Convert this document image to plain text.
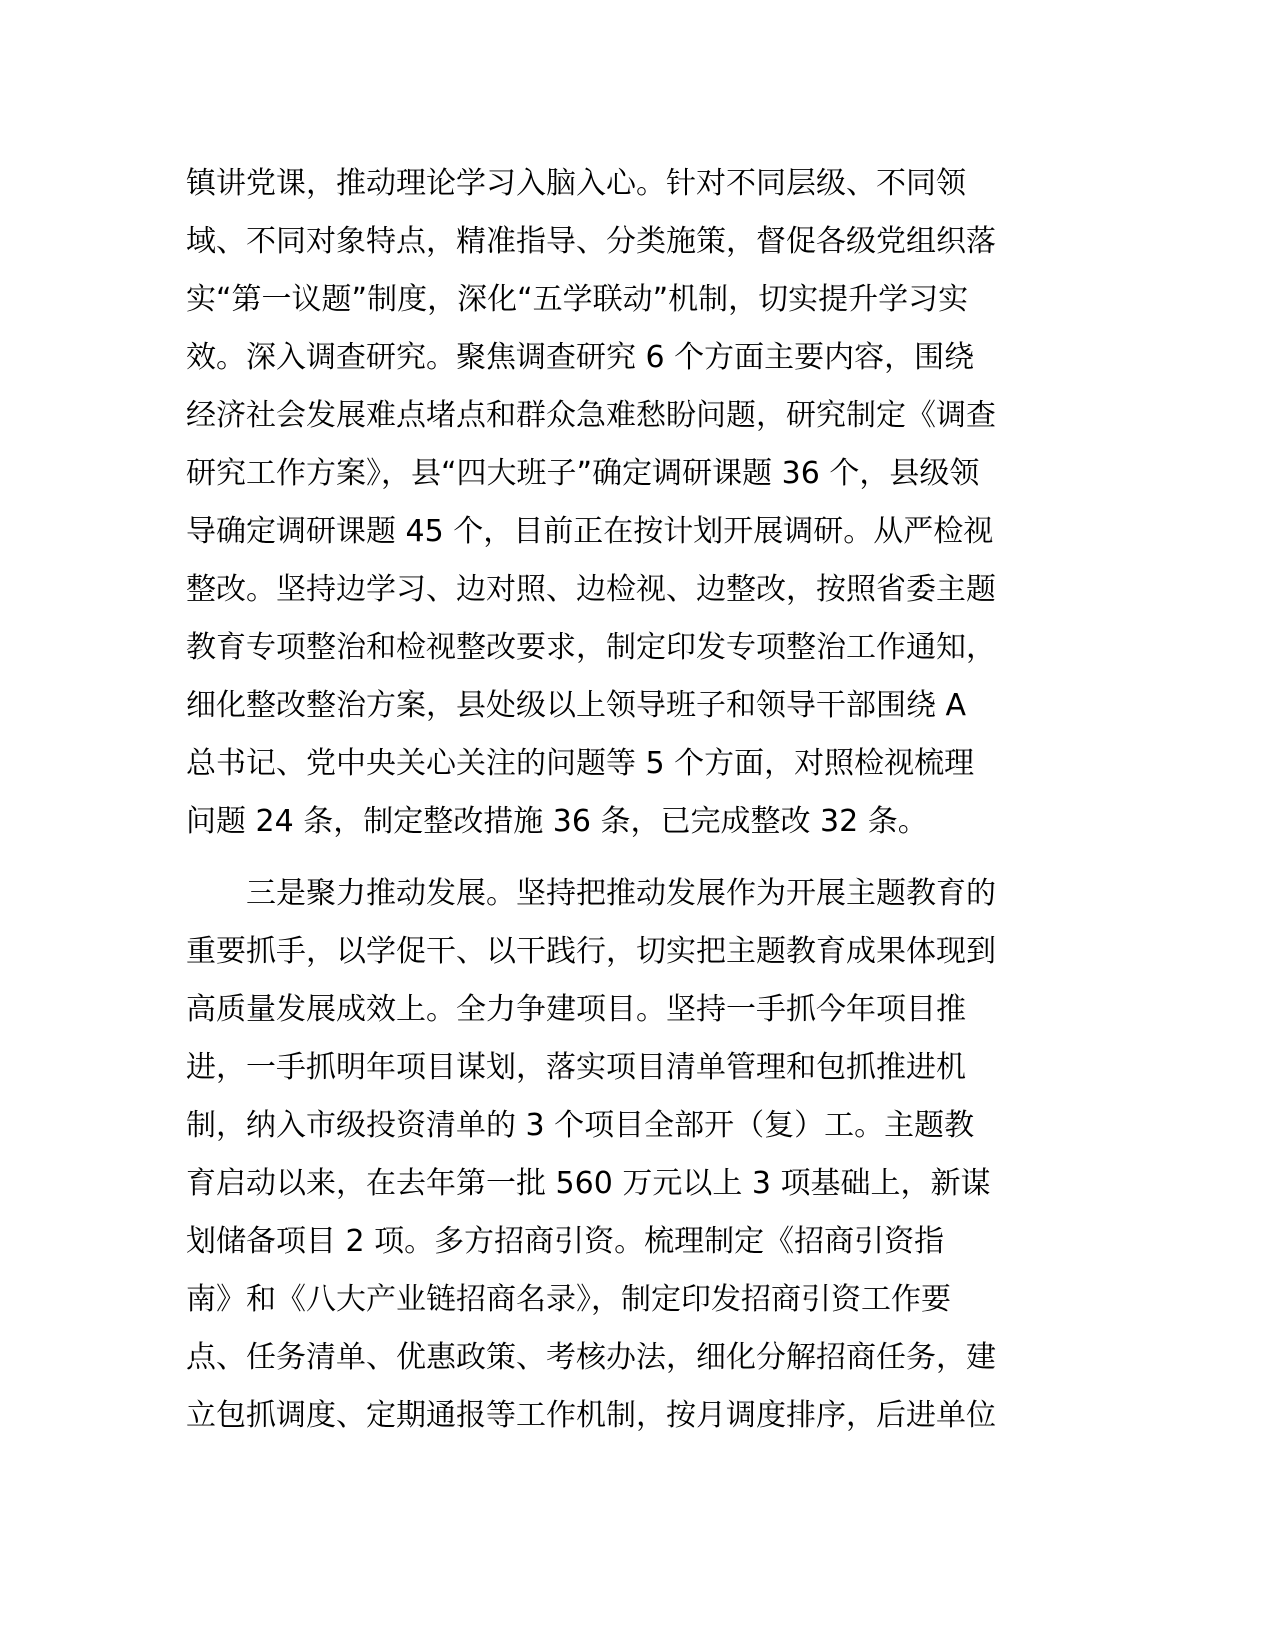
镇讲党课，推动理论学习入脑入心。针对不同层级、不同领
域、不同对象特点，精准指导、分类施策，督促各级党组织落
实“第一议题”制度，深化“五学联动”机制，切实提升学习实
效。深入调查研究。聚焦调查研究 6 个方面主要内容，围绕
经济社会发展难点堵点和群众急难愁盼问题，研究制定《调查
研究工作方案》，县“四大班子”确定调研课题 36 个，县级领
导确定调研课题 45 个，目前正在按计划开展调研。从严检视
整改。坚持边学习、边对照、边检视、边整改，按照省委主题
教育专项整治和检视整改要求，制定印发专项整治工作通知，
细化整改整治方案，县处级以上领导班子和领导干部围绕 A
总书记、党中央关心关注的问题等 5 个方面，对照检视梳理
问题 24 条，制定整改措施 36 条，已完成整改 32 条。
　　三是聚力推动发展。坚持把推动发展作为开展主题教育的
重要抓手，以学促干、以干践行，切实把主题教育成果体现到
高质量发展成效上。全力争建项目。坚持一手抓今年项目推
进，一手抓明年项目谋划，落实项目清单管理和包抓推进机
制，纳入市级投资清单的 3 个项目全部开（复）工。主题教
育启动以来，在去年第一批 560 万元以上 3 项基础上，新谋
划储备项目 2 项。多方招商引资。梳理制定《招商引资指
南》和《八大产业链招商名录》，制定印发招商引资工作要
点、任务清单、优惠政策、考核办法，细化分解招商任务，建
立包抓调度、定期通报等工作机制，按月调度排序，后进单位
